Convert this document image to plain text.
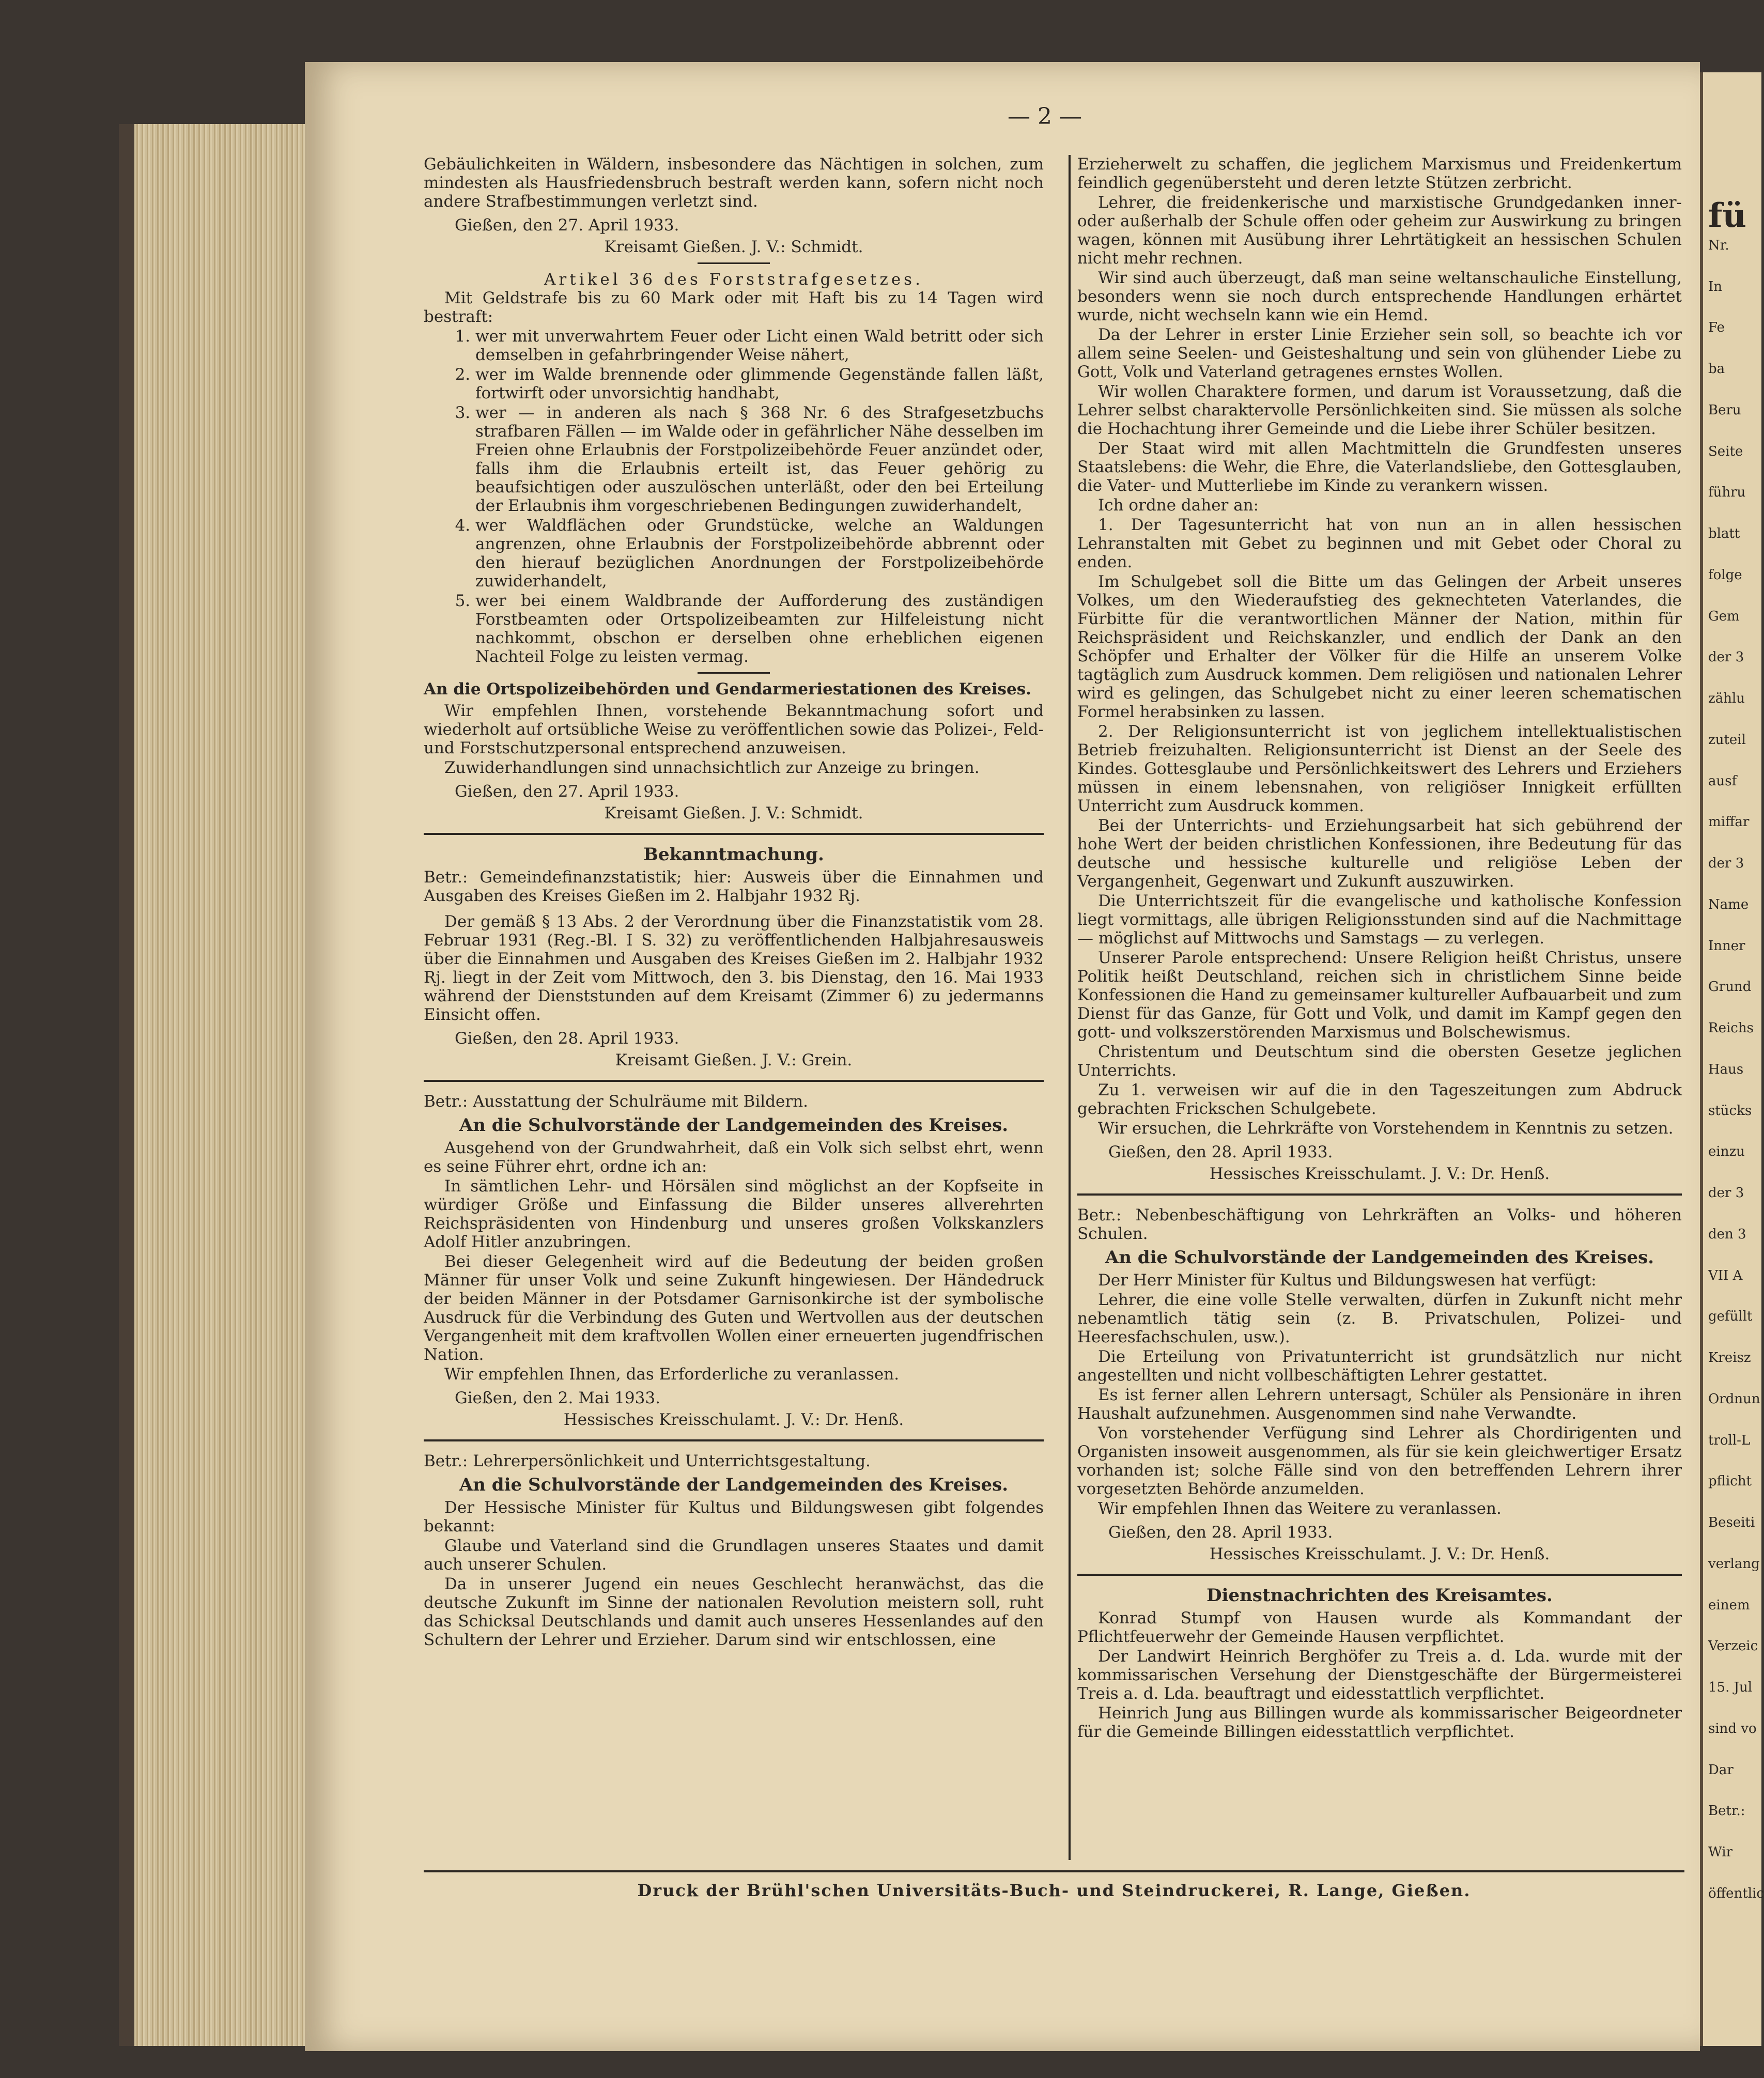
— 2 —

Gebäulichkeiten in Wäldern, insbesondere das Nächtigen in solchen, zum mindesten als Hausfriedensbruch bestraft werden kann, sofern nicht noch andere Strafbestimmungen verletzt sind.

Gießen, den 27. April 1933.
Kreisamt Gießen. J. V.: Schmidt.
Artikel 36 des Forststrafgesetzes.

Mit Geldstrafe bis zu 60 Mark oder mit Haft bis zu 14 Tagen wird bestraft:

1. wer mit unverwahrtem Feuer oder Licht einen Wald betritt oder sich demselben in gefahrbringender Weise nähert,
2. wer im Walde brennende oder glimmende Gegenstände fallen läßt, fortwirft oder unvorsichtig handhabt,
3. wer — in anderen als nach § 368 Nr. 6 des Strafgesetzbuchs strafbaren Fällen — im Walde oder in gefährlicher Nähe desselben im Freien ohne Erlaubnis der Forstpolizeibehörde Feuer anzündet oder, falls ihm die Erlaubnis erteilt ist, das Feuer gehörig zu beaufsichtigen oder auszulöschen unterläßt, oder den bei Erteilung der Erlaubnis ihm vorgeschriebenen Bedingungen zuwiderhandelt,
4. wer Waldflächen oder Grundstücke, welche an Waldungen angrenzen, ohne Erlaubnis der Forstpolizeibehörde abbrennt oder den hierauf bezüglichen Anordnungen der Forstpolizeibehörde zuwiderhandelt,
5. wer bei einem Waldbrande der Aufforderung des zuständigen Forstbeamten oder Ortspolizeibeamten zur Hilfeleistung nicht nachkommt, obschon er derselben ohne erheblichen eigenen Nachteil Folge zu leisten vermag.
An die Ortspolizeibehörden und Gendarmeriestationen des Kreises.

Wir empfehlen Ihnen, vorstehende Bekanntmachung sofort und wiederholt auf ortsübliche Weise zu veröffentlichen sowie das Polizei-, Feld- und Forstschutzpersonal entsprechend anzuweisen.

Zuwiderhandlungen sind unnachsichtlich zur Anzeige zu bringen.

Gießen, den 27. April 1933.
Kreisamt Gießen. J. V.: Schmidt.
Bekanntmachung.

Betr.: Gemeindefinanzstatistik; hier: Ausweis über die Einnahmen und Ausgaben des Kreises Gießen im 2. Halbjahr 1932 Rj.

Der gemäß § 13 Abs. 2 der Verordnung über die Finanzstatistik vom 28. Februar 1931 (Reg.-Bl. I S. 32) zu veröffentlichenden Halbjahresausweis über die Einnahmen und Ausgaben des Kreises Gießen im 2. Halbjahr 1932 Rj. liegt in der Zeit vom Mittwoch, den 3. bis Dienstag, den 16. Mai 1933 während der Dienststunden auf dem Kreisamt (Zimmer 6) zu jedermanns Einsicht offen.

Gießen, den 28. April 1933.
Kreisamt Gießen. J. V.: Grein.

Betr.: Ausstattung der Schulräume mit Bildern.

An die Schulvorstände der Landgemeinden des Kreises.

Ausgehend von der Grundwahrheit, daß ein Volk sich selbst ehrt, wenn es seine Führer ehrt, ordne ich an:

In sämtlichen Lehr- und Hörsälen sind möglichst an der Kopfseite in würdiger Größe und Einfassung die Bilder unseres allverehrten Reichspräsidenten von Hindenburg und unseres großen Volkskanzlers Adolf Hitler anzubringen.

Bei dieser Gelegenheit wird auf die Bedeutung der beiden großen Männer für unser Volk und seine Zukunft hingewiesen. Der Händedruck der beiden Männer in der Potsdamer Garnisonkirche ist der symbolische Ausdruck für die Verbindung des Guten und Wertvollen aus der deutschen Vergangenheit mit dem kraftvollen Wollen einer erneuerten jugendfrischen Nation.

Wir empfehlen Ihnen, das Erforderliche zu veranlassen.

Gießen, den 2. Mai 1933.
Hessisches Kreisschulamt. J. V.: Dr. Henß.

Betr.: Lehrerpersönlichkeit und Unterrichtsgestaltung.

An die Schulvorstände der Landgemeinden des Kreises.

Der Hessische Minister für Kultus und Bildungswesen gibt folgendes bekannt:

Glaube und Vaterland sind die Grundlagen unseres Staates und damit auch unserer Schulen.

Da in unserer Jugend ein neues Geschlecht heranwächst, das die deutsche Zukunft im Sinne der nationalen Revolution meistern soll, ruht das Schicksal Deutschlands und damit auch unseres Hessenlandes auf den Schultern der Lehrer und Erzieher. Darum sind wir entschlossen, eine

Erzieherwelt zu schaffen, die jeglichem Marxismus und Freidenkertum feindlich gegenübersteht und deren letzte Stützen zerbricht.

Lehrer, die freidenkerische und marxistische Grundgedanken inner- oder außerhalb der Schule offen oder geheim zur Auswirkung zu bringen wagen, können mit Ausübung ihrer Lehrtätigkeit an hessischen Schulen nicht mehr rechnen.

Wir sind auch überzeugt, daß man seine weltanschauliche Einstellung, besonders wenn sie noch durch entsprechende Handlungen erhärtet wurde, nicht wechseln kann wie ein Hemd.

Da der Lehrer in erster Linie Erzieher sein soll, so beachte ich vor allem seine Seelen- und Geisteshaltung und sein von glühender Liebe zu Gott, Volk und Vaterland getragenes ernstes Wollen.

Wir wollen Charaktere formen, und darum ist Voraussetzung, daß die Lehrer selbst charaktervolle Persönlichkeiten sind. Sie müssen als solche die Hochachtung ihrer Gemeinde und die Liebe ihrer Schüler besitzen.

Der Staat wird mit allen Machtmitteln die Grundfesten unseres Staatslebens: die Wehr, die Ehre, die Vaterlandsliebe, den Gottesglauben, die Vater- und Mutterliebe im Kinde zu verankern wissen.

Ich ordne daher an:

1. Der Tagesunterricht hat von nun an in allen hessischen Lehranstalten mit Gebet zu beginnen und mit Gebet oder Choral zu enden.

Im Schulgebet soll die Bitte um das Gelingen der Arbeit unseres Volkes, um den Wiederaufstieg des geknechteten Vaterlandes, die Fürbitte für die verantwortlichen Männer der Nation, mithin für Reichspräsident und Reichskanzler, und endlich der Dank an den Schöpfer und Erhalter der Völker für die Hilfe an unserem Volke tagtäglich zum Ausdruck kommen. Dem religiösen und nationalen Lehrer wird es gelingen, das Schulgebet nicht zu einer leeren schematischen Formel herabsinken zu lassen.

2. Der Religionsunterricht ist von jeglichem intellektualistischen Betrieb freizuhalten. Religionsunterricht ist Dienst an der Seele des Kindes. Gottesglaube und Persönlichkeitswert des Lehrers und Erziehers müssen in einem lebensnahen, von religiöser Innigkeit erfüllten Unterricht zum Ausdruck kommen.

Bei der Unterrichts- und Erziehungsarbeit hat sich gebührend der hohe Wert der beiden christlichen Konfessionen, ihre Bedeutung für das deutsche und hessische kulturelle und religiöse Leben der Vergangenheit, Gegenwart und Zukunft auszuwirken.

Die Unterrichtszeit für die evangelische und katholische Konfession liegt vormittags, alle übrigen Religionsstunden sind auf die Nachmittage — möglichst auf Mittwochs und Samstags — zu verlegen.

Unserer Parole entsprechend: Unsere Religion heißt Christus, unsere Politik heißt Deutschland, reichen sich in christlichem Sinne beide Konfessionen die Hand zu gemeinsamer kultureller Aufbauarbeit und zum Dienst für das Ganze, für Gott und Volk, und damit im Kampf gegen den gott- und volkszerstörenden Marxismus und Bolschewismus.

Christentum und Deutschtum sind die obersten Gesetze jeglichen Unterrichts.

Zu 1. verweisen wir auf die in den Tageszeitungen zum Abdruck gebrachten Frickschen Schulgebete.

Wir ersuchen, die Lehrkräfte von Vorstehendem in Kenntnis zu setzen.

Gießen, den 28. April 1933.
Hessisches Kreisschulamt. J. V.: Dr. Henß.

Betr.: Nebenbeschäftigung von Lehrkräften an Volks- und höheren Schulen.

An die Schulvorstände der Landgemeinden des Kreises.

Der Herr Minister für Kultus und Bildungswesen hat verfügt:

Lehrer, die eine volle Stelle verwalten, dürfen in Zukunft nicht mehr nebenamtlich tätig sein (z. B. Privatschulen, Polizei- und Heeresfachschulen, usw.).

Die Erteilung von Privatunterricht ist grundsätzlich nur nicht angestellten und nicht vollbeschäftigten Lehrer gestattet.

Es ist ferner allen Lehrern untersagt, Schüler als Pensionäre in ihren Haushalt aufzunehmen. Ausgenommen sind nahe Verwandte.

Von vorstehender Verfügung sind Lehrer als Chordirigenten und Organisten insoweit ausgenommen, als für sie kein gleichwertiger Ersatz vorhanden ist; solche Fälle sind von den betreffenden Lehrern ihrer vorgesetzten Behörde anzumelden.

Wir empfehlen Ihnen das Weitere zu veranlassen.

Gießen, den 28. April 1933.
Hessisches Kreisschulamt. J. V.: Dr. Henß.
Dienstnachrichten des Kreisamtes.

Konrad Stumpf von Hausen wurde als Kommandant der Pflichtfeuerwehr der Gemeinde Hausen verpflichtet.

Der Landwirt Heinrich Berghöfer zu Treis a. d. Lda. wurde mit der kommissarischen Versehung der Dienstgeschäfte der Bürgermeisterei Treis a. d. Lda. beauftragt und eidesstattlich verpflichtet.

Heinrich Jung aus Billingen wurde als kommissarischer Beigeordneter für die Gemeinde Billingen eidesstattlich verpflichtet.

Druck der Brühl'schen Universitäts-Buch- und Steindruckerei, R. Lange, Gießen.
fü
Nr.
In
Fe
ba
Beru
Seite
führu
blatt
folge
Gem
der 3
zählu
zuteil
ausf
miffar
der 3
Name
Inner
Grund
Reichs
Haus
stücks
einzu
der 3
den 3
VII A
gefüllt
Kreisz
Ordnun
troll-L
pflicht
Beseiti
verlang
einem
Verzeic
15. Jul
sind vo
Dar
Betr.:
Wir
öffentlic
